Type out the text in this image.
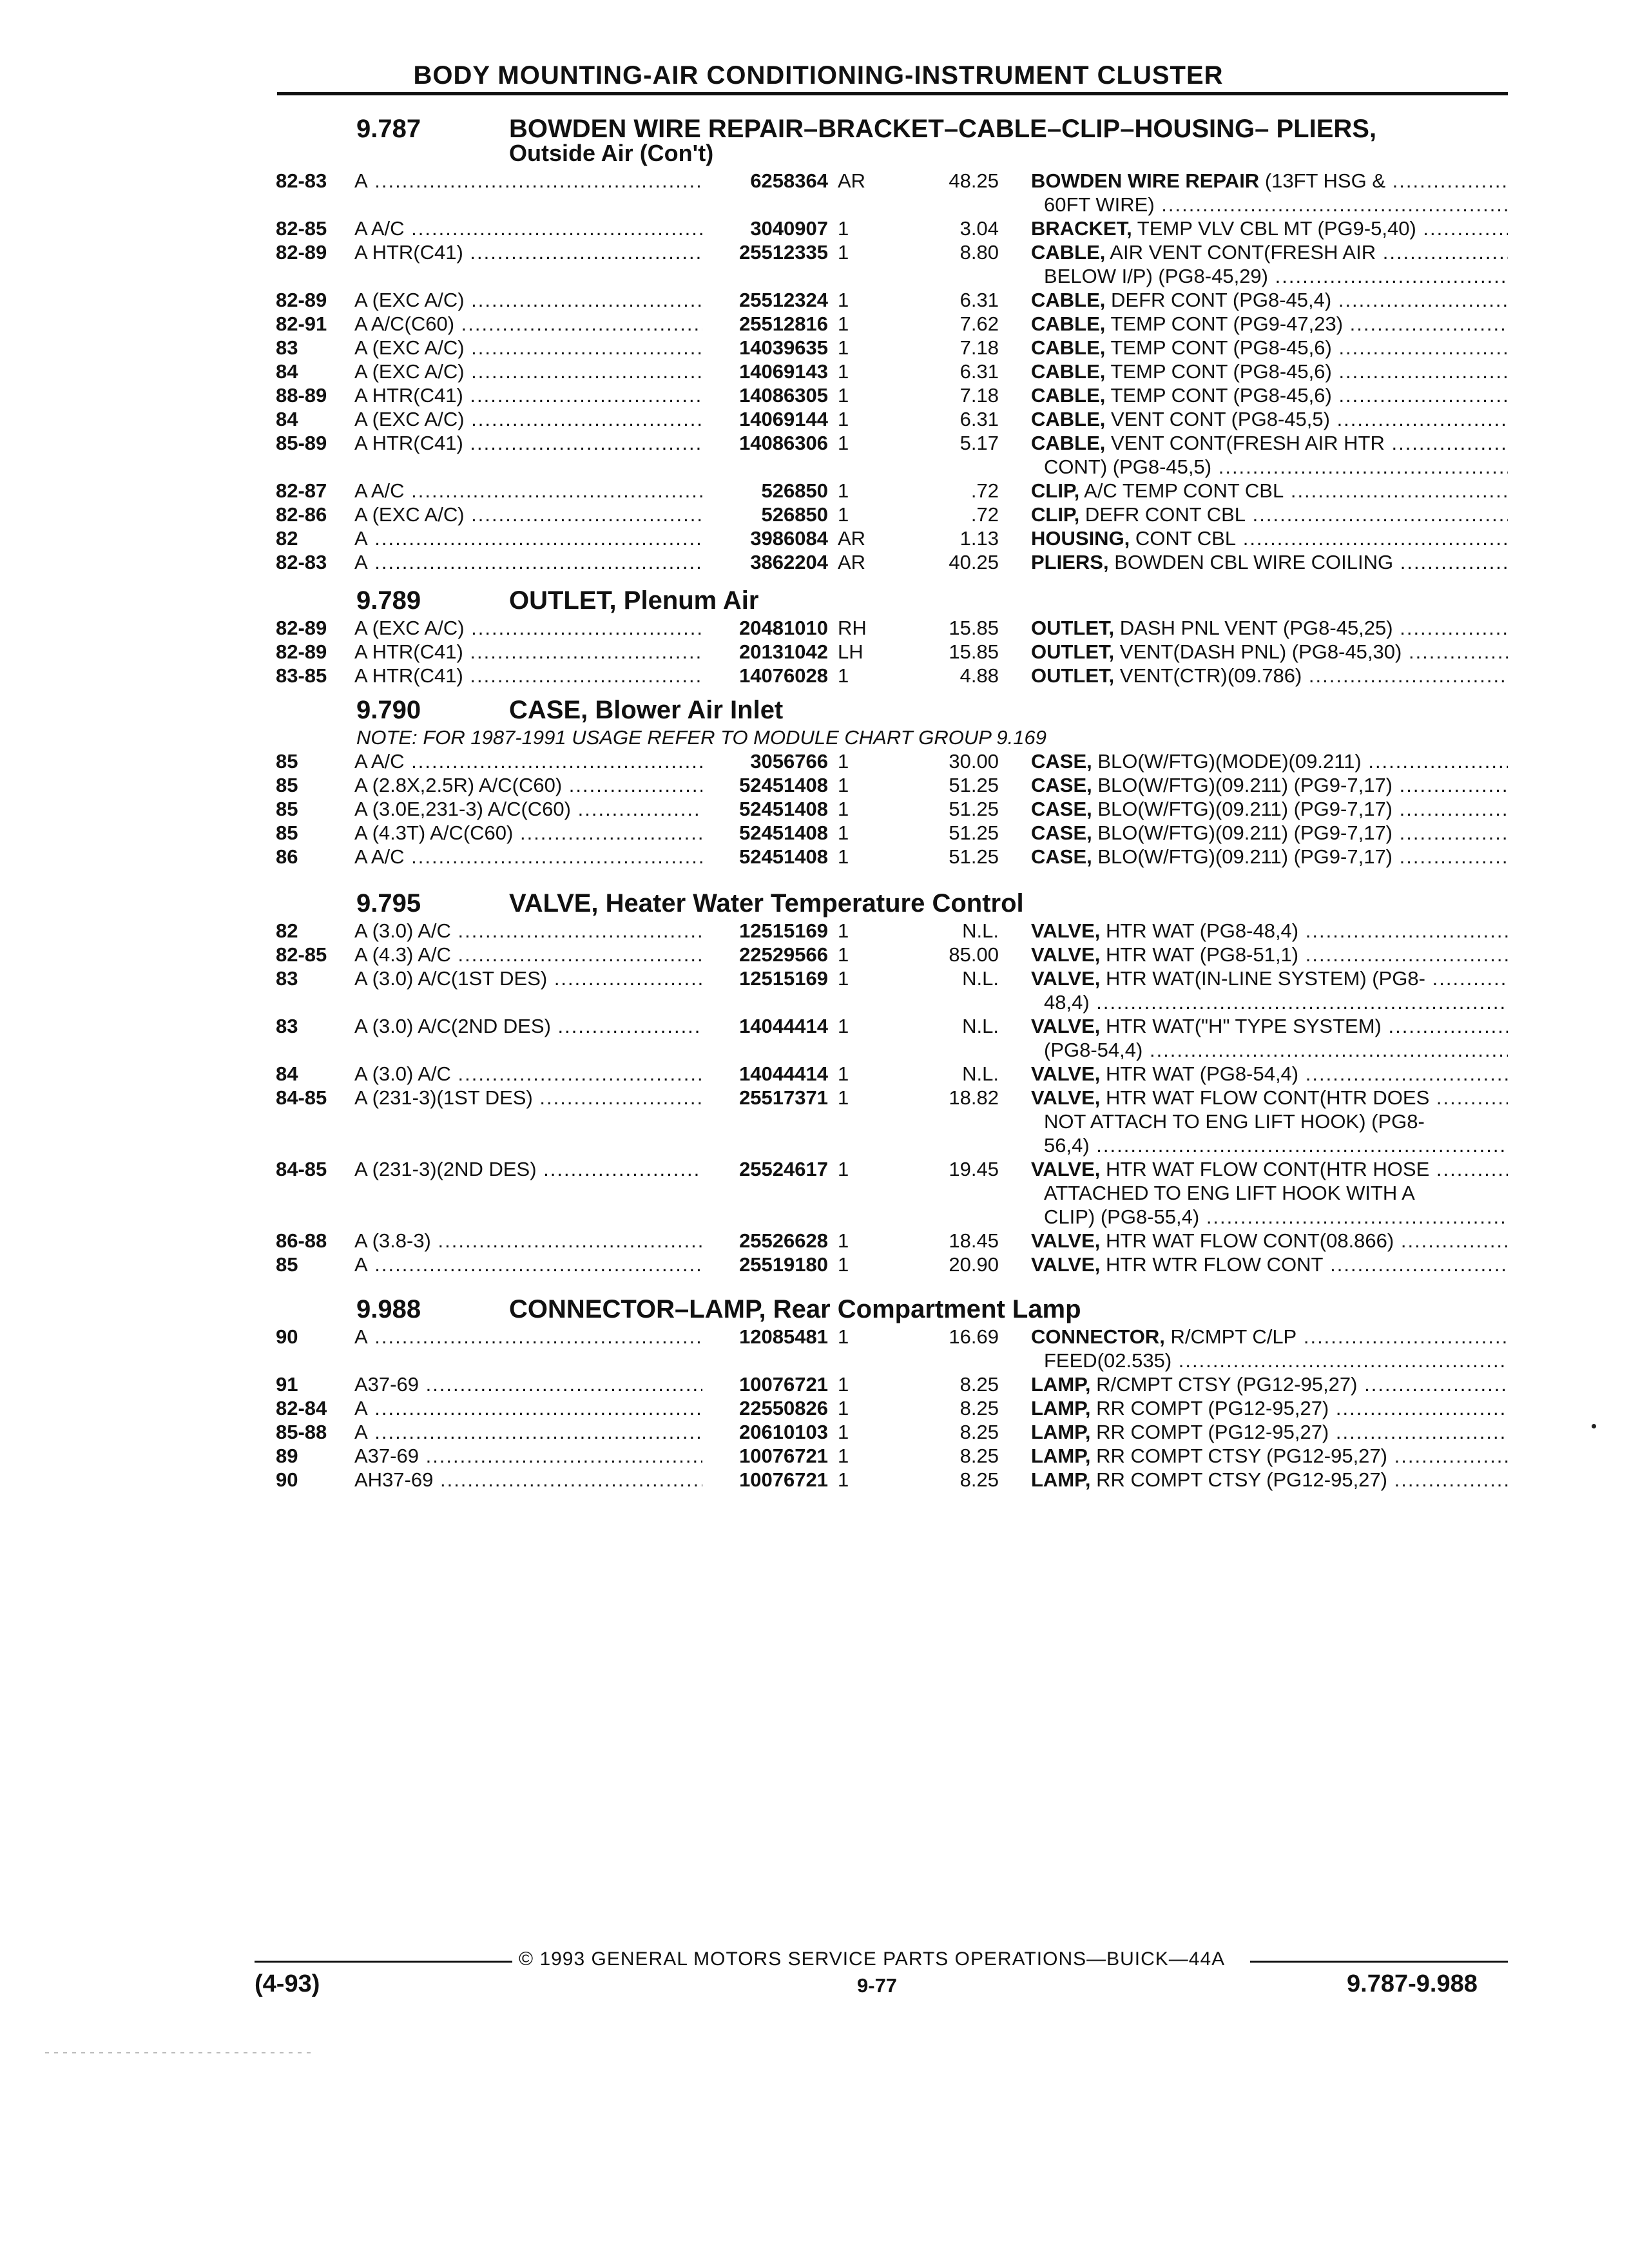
BODY MOUNTING-AIR CONDITIONING-INSTRUMENT CLUSTER
9.787	BOWDEN WIRE REPAIR–BRACKET–CABLE–CLIP–HOUSING– PLIERS,
Outside Air (Con't)
82-83 A .....	6258364 AR	48.25 BOWDEN WIRE REPAIR (13FT HSG & .....
60FT WIRE) .....
82-85 A A/C .....	3040907 1	3.04 BRACKET, TEMP VLV CBL MT (PG9-5,40) .....
82-89 A HTR(C41) .....	25512335 1	8.80 CABLE, AIR VENT CONT(FRESH AIR .....
BELOW I/P) (PG8-45,29) .....
82-89 A (EXC A/C) .....	25512324 1	6.31 CABLE, DEFR CONT (PG8-45,4) .....
82-91 A A/C(C60) .....	25512816 1	7.62 CABLE, TEMP CONT (PG9-47,23) .....
83	A (EXC A/C) .....	14039635 1	7.18 CABLE, TEMP CONT (PG8-45,6) .....
84	A (EXC A/C) .....	14069143 1	6.31 CABLE, TEMP CONT (PG8-45,6) .....
88-89 A HTR(C41) .....	14086305 1	7.18 CABLE, TEMP CONT (PG8-45,6) .....
84	A (EXC A/C) .....	14069144 1	6.31 CABLE, VENT CONT (PG8-45,5) .....
85-89 A HTR(C41) .....	14086306 1	5.17 CABLE, VENT CONT(FRESH AIR HTR .....
CONT) (PG8-45,5) .....
82-87 A A/C .....	526850 1	.72 CLIP, A/C TEMP CONT CBL .....
82-86 A (EXC A/C) .....	526850 1	.72 CLIP, DEFR CONT CBL .....
82	A .....	3986084 AR	1.13 HOUSING, CONT CBL .....
82-83 A .....	3862204 AR	40.25 PLIERS, BOWDEN CBL WIRE COILING .....
9.789	OUTLET, Plenum Air
82-89 A (EXC A/C) .....	20481010 RH	15.85 OUTLET, DASH PNL VENT (PG8-45,25) .....
82-89 A HTR(C41) .....	20131042 LH	15.85 OUTLET, VENT(DASH PNL) (PG8-45,30) .....
83-85 A HTR(C41) .....	14076028 1	4.88 OUTLET, VENT(CTR)(09.786) .....
9.790	CASE, Blower Air Inlet
NOTE: FOR 1987-1991 USAGE REFER TO MODULE CHART GROUP 9.169
85	A A/C .....	3056766 1	30.00 CASE, BLO(W/FTG)(MODE)(09.211) .....
85	A (2.8X,2.5R) A/C(C60) .....	52451408 1	51.25 CASE, BLO(W/FTG)(09.211) (PG9-7,17) .....
85	A (3.0E,231-3) A/C(C60) .....	52451408 1	51.25 CASE, BLO(W/FTG)(09.211) (PG9-7,17) .....
85	A (4.3T) A/C(C60) .....	52451408 1	51.25 CASE, BLO(W/FTG)(09.211) (PG9-7,17) .....
86	A A/C .....	52451408 1	51.25 CASE, BLO(W/FTG)(09.211) (PG9-7,17) .....
9.795	VALVE, Heater Water Temperature Control
82	A (3.0) A/C .....	12515169 1	N.L. VALVE, HTR WAT (PG8-48,4) .....
82-85 A (4.3) A/C .....	22529566 1	85.00 VALVE, HTR WAT (PG8-51,1) .....
83	A (3.0) A/C(1ST DES) .....	12515169 1	N.L. VALVE, HTR WAT(IN-LINE SYSTEM) (PG8- .....
48,4) .....
83	A (3.0) A/C(2ND DES) .....	14044414 1	N.L. VALVE, HTR WAT("H" TYPE SYSTEM) .....
(PG8-54,4) .....
84	A (3.0) A/C .....	14044414 1	N.L. VALVE, HTR WAT (PG8-54,4) .....
84-85 A (231-3)(1ST DES) .....	25517371 1	18.82 VALVE, HTR WAT FLOW CONT(HTR DOES .....
NOT ATTACH TO ENG LIFT HOOK) (PG8-
56,4) .....
84-85 A (231-3)(2ND DES) .....	25524617 1	19.45 VALVE, HTR WAT FLOW CONT(HTR HOSE .....
ATTACHED TO ENG LIFT HOOK WITH A
CLIP) (PG8-55,4) .....
86-88 A (3.8-3) .....	25526628 1	18.45 VALVE, HTR WAT FLOW CONT(08.866) .....
85	A .....	25519180 1	20.90 VALVE, HTR WTR FLOW CONT .....
9.988	CONNECTOR–LAMP, Rear Compartment Lamp
90	A .....	12085481 1	16.69 CONNECTOR, R/CMPT C/LP .....
FEED(02.535) .....
91	A37-69 .....	10076721 1	8.25 LAMP, R/CMPT CTSY (PG12-95,27) .....
82-84 A .....	22550826 1	8.25 LAMP, RR COMPT (PG12-95,27) .....
85-88 A .....	20610103 1	8.25 LAMP, RR COMPT (PG12-95,27) .....
89	A37-69 .....	10076721 1	8.25 LAMP, RR COMPT CTSY (PG12-95,27) .....
90	AH37-69 .....	10076721 1	8.25 LAMP, RR COMPT CTSY (PG12-95,27) .....
© 1993 GENERAL MOTORS SERVICE PARTS OPERATIONS—BUICK—44A
(4-93)	9-77	9.787-9.988
